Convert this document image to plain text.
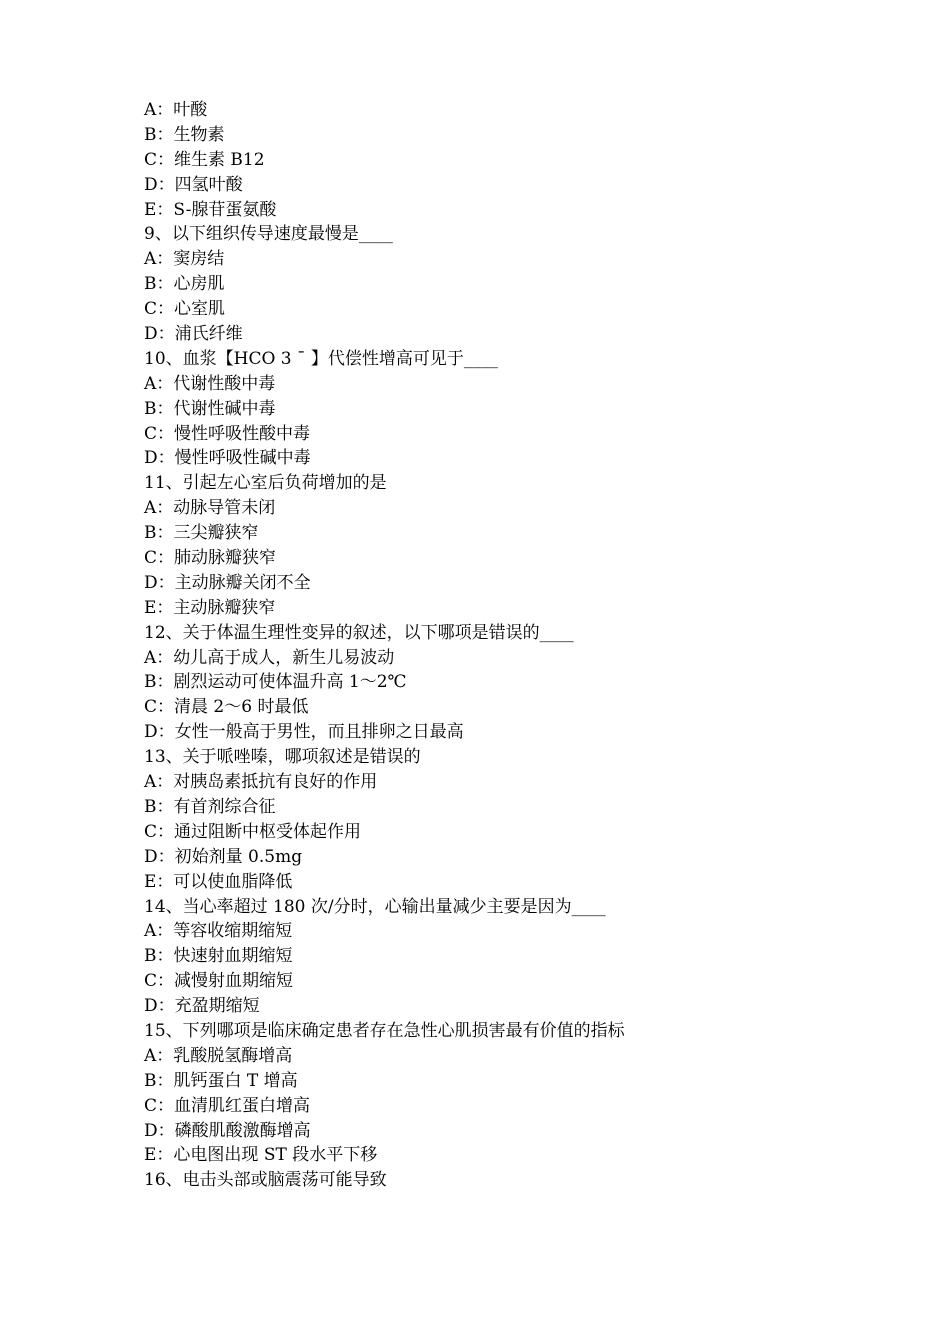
A：叶酸
B：生物素
C：维生素 B12
D：四氢叶酸
E：S-腺苷蛋氨酸
9、以下组织传导速度最慢是____
A：窦房结
B：心房肌
C：心室肌
D：浦氏纤维
10、血浆【HCO 3 ¯ 】代偿性增高可见于____
A：代谢性酸中毒
B：代谢性碱中毒
C：慢性呼吸性酸中毒
D：慢性呼吸性碱中毒
11、引起左心室后负荷增加的是
A：动脉导管未闭
B：三尖瓣狭窄
C：肺动脉瓣狭窄
D：主动脉瓣关闭不全
E：主动脉瓣狭窄
12、关于体温生理性变异的叙述，以下哪项是错误的____
A：幼儿高于成人，新生儿易波动
B：剧烈运动可使体温升高 1～2℃
C：清晨 2～6 时最低
D：女性一般高于男性，而且排卵之日最高
13、关于哌唑嗪，哪项叙述是错误的
A：对胰岛素抵抗有良好的作用
B：有首剂综合征
C：通过阻断中枢受体起作用
D：初始剂量 0.5mg
E：可以使血脂降低
14、当心率超过 180 次/分时，心输出量减少主要是因为____
A：等容收缩期缩短
B：快速射血期缩短
C：减慢射血期缩短
D：充盈期缩短
15、下列哪项是临床确定患者存在急性心肌损害最有价值的指标
A：乳酸脱氢酶增高
B：肌钙蛋白 T 增高
C：血清肌红蛋白增高
D：磷酸肌酸激酶增高
E：心电图出现 ST 段水平下移
16、电击头部或脑震荡可能导致
